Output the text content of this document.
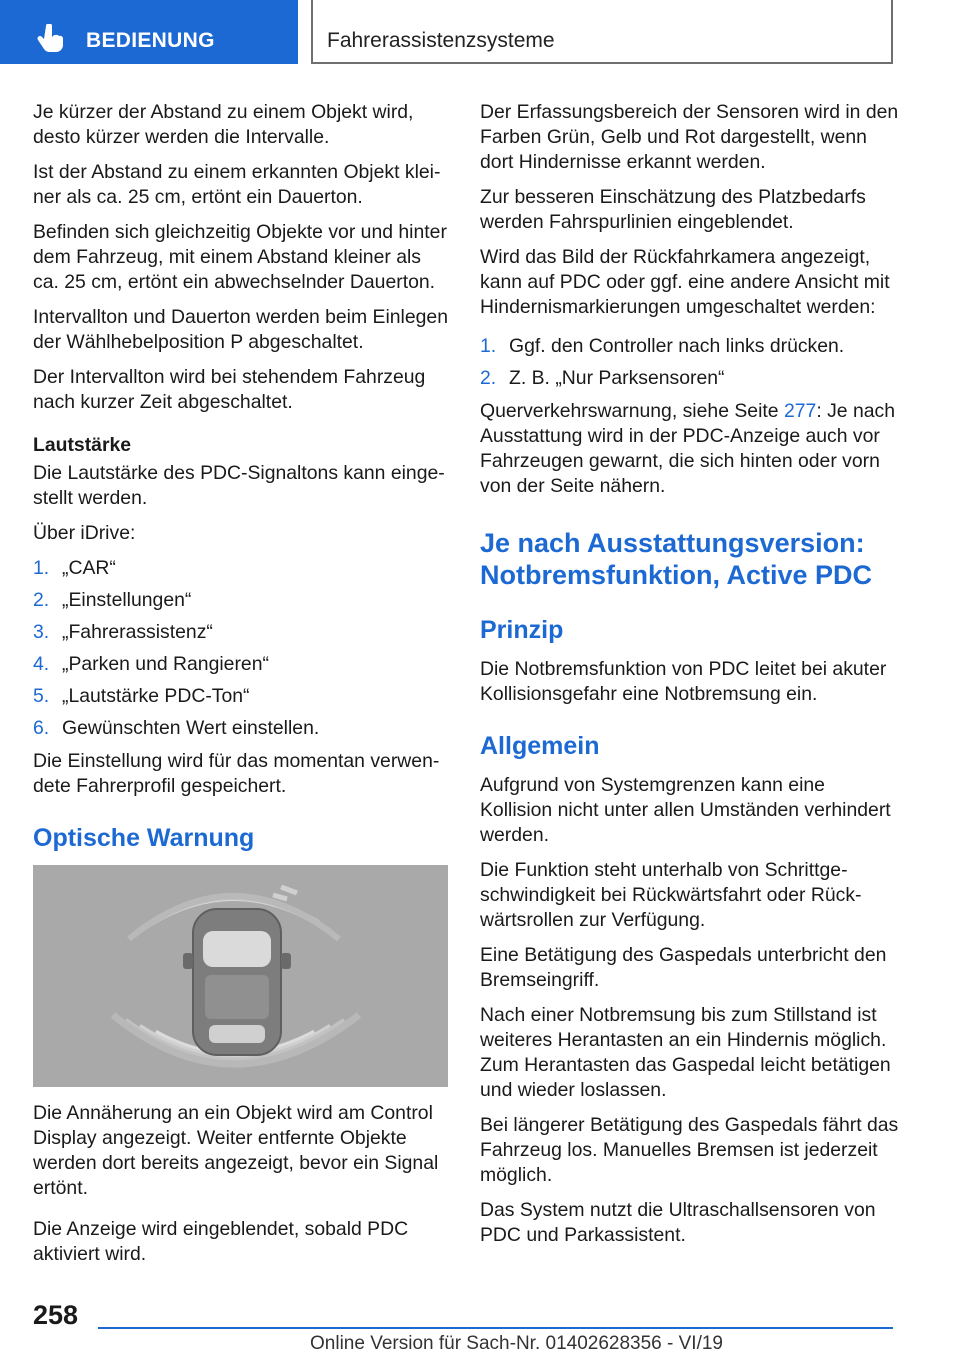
BEDIENUNG	Fahrerassistenzsysteme

Je kürzer der Abstand zu einem Objekt wird, desto kürzer werden die Intervalle.

Ist der Abstand zu einem erkannten Objekt kleiner als ca. 25 cm, ertönt ein Dauerton.

Befinden sich gleichzeitig Objekte vor und hinter dem Fahrzeug, mit einem Abstand kleiner als ca. 25 cm, ertönt ein abwechselnder Dauerton.

Intervallton und Dauerton werden beim Einlegen der Wählhebelposition P abgeschaltet.

Der Intervallton wird bei stehendem Fahrzeug nach kurzer Zeit abgeschaltet.

Lautstärke

Die Lautstärke des PDC-Signaltons kann eingestellt werden.

Über iDrive:

1. „CAR“
2. „Einstellungen“
3. „Fahrerassistenz“
4. „Parken und Rangieren“
5. „Lautstärke PDC-Ton“
6. Gewünschten Wert einstellen.

Die Einstellung wird für das momentan verwendete Fahrerprofil gespeichert.

Optische Warnung

Die Annäherung an ein Objekt wird am Control Display angezeigt. Weiter entfernte Objekte werden dort bereits angezeigt, bevor ein Signal ertönt.

Die Anzeige wird eingeblendet, sobald PDC aktiviert wird.

Der Erfassungsbereich der Sensoren wird in den Farben Grün, Gelb und Rot dargestellt, wenn dort Hindernisse erkannt werden.

Zur besseren Einschätzung des Platzbedarfs werden Fahrspurlinien eingeblendet.

Wird das Bild der Rückfahrkamera angezeigt, kann auf PDC oder ggf. eine andere Ansicht mit Hindernismarkierungen umgeschaltet werden:

1. Ggf. den Controller nach links drücken.
2. Z. B. „Nur Parksensoren“

Querverkehrswarnung, siehe Seite 277: Je nach Ausstattung wird in der PDC-Anzeige auch vor Fahrzeugen gewarnt, die sich hinten oder vorn von der Seite nähern.

Je nach Ausstattungsversion: Notbremsfunktion, Active PDC
Prinzip

Die Notbremsfunktion von PDC leitet bei akuter Kollisionsgefahr eine Notbremsung ein.

Allgemein

Aufgrund von Systemgrenzen kann eine Kollision nicht unter allen Umständen verhindert werden.

Die Funktion steht unterhalb von Schrittgeschwindigkeit bei Rückwärtsfahrt oder Rückwärtsrollen zur Verfügung.

Eine Betätigung des Gaspedals unterbricht den Bremseingriff.

Nach einer Notbremsung bis zum Stillstand ist weiteres Herantasten an ein Hindernis möglich. Zum Herantasten das Gaspedal leicht betätigen und wieder loslassen.

Bei längerer Betätigung des Gaspedals fährt das Fahrzeug los. Manuelles Bremsen ist jederzeit möglich.

Das System nutzt die Ultraschallsensoren von PDC und Parkassistent.

258
Online Version für Sach-Nr. 01402628356 - VI/19
